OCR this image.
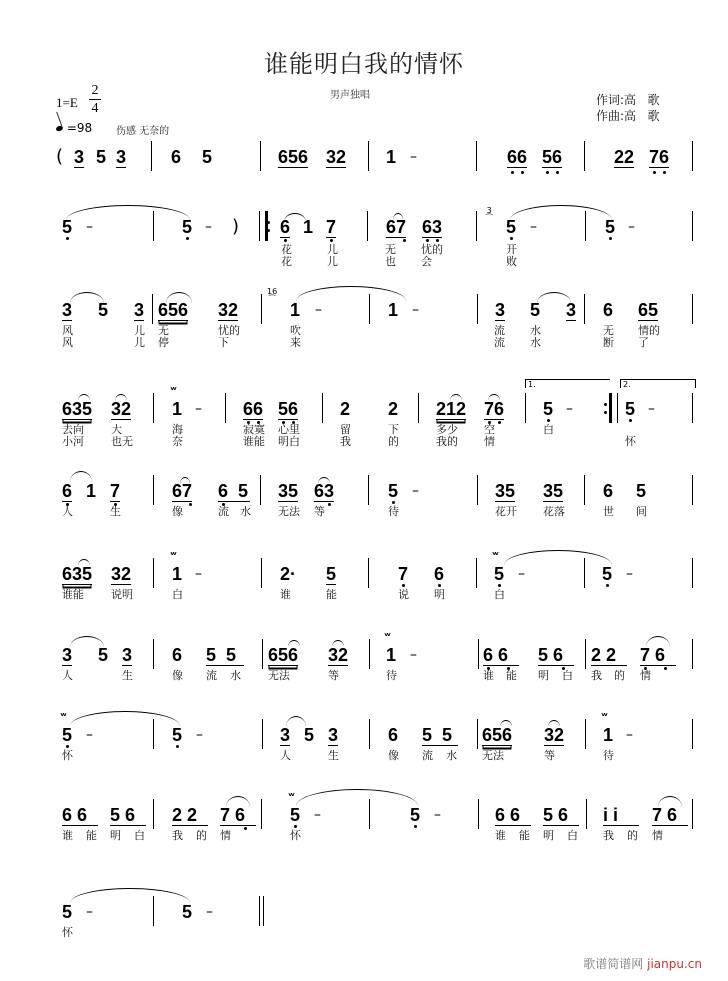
谁能明白我的情怀
男声独唱	作词:高   歌
作曲:高   歌
$1=E \frac{2}{4}$
=98 伤感 无奈的
( 3 5 3 6 5	656 32 1 –	66 56	22 76
5 –	5 – ) 6 1 7	67 63
3
⁀ 5 –	5 –
花	儿	无 忧的	开
花	儿	也 会	败
3 5 3 656 32
16
⁀
1 –	1 –	3 5 3 6 65
风	儿 无	忧的	吹	流 水	无 情的
风	儿 停	下	来	流 水	断 了
635 32
ᵛᵛ
1 – 66 56 2 2 212 76
1.
5 –
2.
5 –
去向 大	海	寂寞 心里	留	下	多少 空	白
小河 也无	奈	谁能 明白	我	的	我的 情	怀
6 1 7	67 6  5 35 63	5 –	35 35 6 5
人	生	像	流 水 无法 等	待	花开 花落	世 间
635 32
ᵛᵛ
1 –	2· 5	7 6
ᵛᵛ
5 –	5 –
谁能 说明	白	谁	能	说 明	白
3 5 3 6 5  5	656 32
ᵛᵛ
1 –	6 6	5 6	2 2	7 6
人	生	像 流 水 无法	等	待	谁 能 明 白 我 的 情
ᵛᵛ
5 –	5 –	3 5 3	6 5  5	656 32
ᵛᵛ
1 –
怀	人	生	像 流 水 无法	等	待
6 6	5 6	2 2	7 6
ᵛᵛ
5 –	5 –	6 6	5 6	i i	7 6
谁 能 明 白 我 的 情	怀	谁 能 明 白 我 的 情
5 –	5 –
怀
歌谱简谱网 jianpu.cn
